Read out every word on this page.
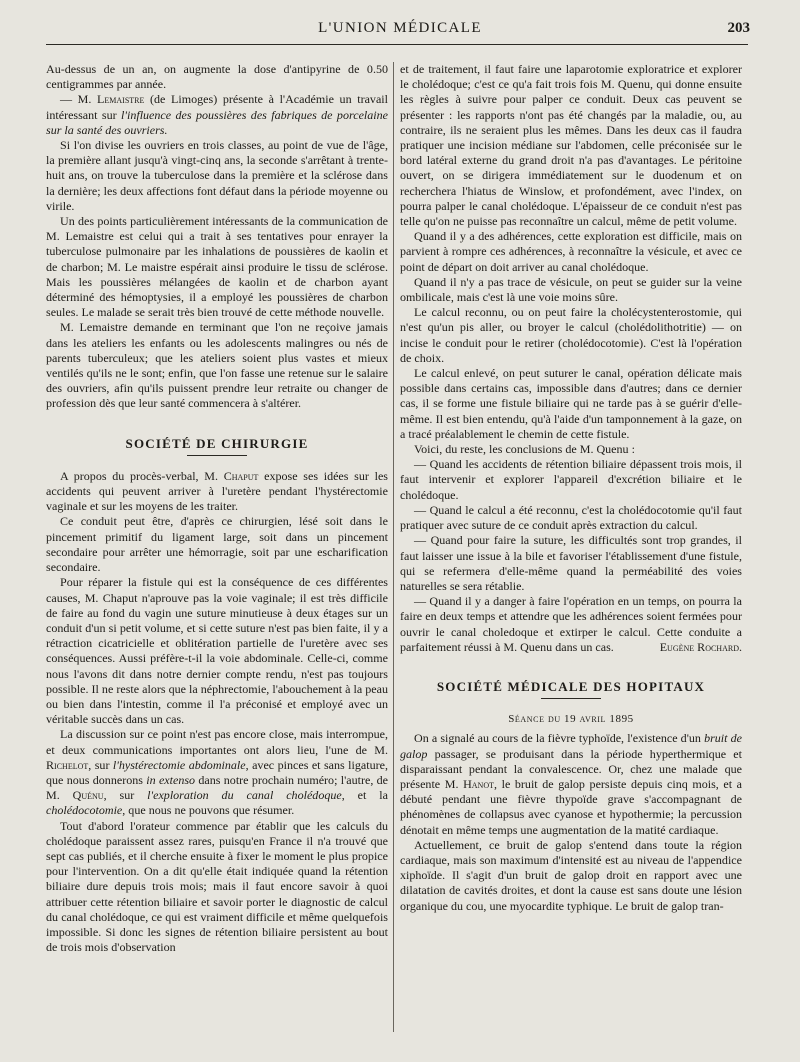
L'UNION MÉDICALE	203

Au-dessus de un an, on augmente la dose d'antipyrine de 0.50 centigrammes par année.

— M. Lemaistre (de Limoges) présente à l'Académie un travail intéressant sur l'influence des poussières des fabriques de porcelaine sur la santé des ouvriers.

Si l'on divise les ouvriers en trois classes, au point de vue de l'âge, la première allant jusqu'à vingt-cinq ans, la seconde s'arrêtant à trente-huit ans, on trouve la tuberculose dans la première et la sclérose dans la dernière; les deux affections font défaut dans la période moyenne ou virile.

Un des points particulièrement intéressants de la communication de M. Lemaistre est celui qui a trait à ses tentatives pour enrayer la tuberculose pulmonaire par les inhalations de poussières de kaolin et de charbon; M. Le maistre espérait ainsi produire le tissu de sclérose. Mais les poussières mélangées de kaolin et de charbon ayant déterminé des hémoptysies, il a employé les poussières de charbon seules. Le malade se serait très bien trouvé de cette méthode nouvelle.

M. Lemaistre demande en terminant que l'on ne reçoive jamais dans les ateliers les enfants ou les adolescents malingres ou nés de parents tuberculeux; que les ateliers soient plus vastes et mieux ventilés qu'ils ne le sont; enfin, que l'on fasse une retenue sur le salaire des ouvriers, afin qu'ils puissent prendre leur retraite ou changer de profession dès que leur santé commencera à s'altérer.

SOCIÉTÉ DE CHIRURGIE

A propos du procès-verbal, M. Chaput expose ses idées sur les accidents qui peuvent arriver à l'uretère pendant l'hystérectomie vaginale et sur les moyens de les traiter.

Ce conduit peut être, d'après ce chirurgien, lésé soit dans le pincement primitif du ligament large, soit dans un pincement secondaire pour arrêter une hémorragie, soit par une escharification secondaire.

Pour réparer la fistule qui est la conséquence de ces différentes causes, M. Chaput n'aprouve pas la voie vaginale; il est très difficile de faire au fond du vagin une suture minutieuse à deux étages sur un conduit d'un si petit volume, et si cette suture n'est pas bien faite, il y a rétraction cicatricielle et oblitération partielle de l'uretère avec ses conséquences. Aussi préfère-t-il la voie abdominale. Celle-ci, comme nous l'avons dit dans notre dernier compte rendu, n'est pas toujours possible. Il ne reste alors que la néphrectomie, l'abouchement à la peau ou bien dans l'intestin, comme il l'a préconisé et employé avec un véritable succès dans un cas.

La discussion sur ce point n'est pas encore close, mais interrompue, et deux communications importantes ont alors lieu, l'une de M. Richelot, sur l'hystérectomie abdominale, avec pinces et sans ligature, que nous donnerons in extenso dans notre prochain numéro; l'autre, de M. Quénu, sur l'exploration du canal cholédoque, et la cholédocotomie, que nous ne pouvons que résumer.

Tout d'abord l'orateur commence par établir que les calculs du cholédoque paraissent assez rares, puisqu'en France il n'a trouvé que sept cas publiés, et il cherche ensuite à fixer le moment le plus propice pour l'intervention. On a dit qu'elle était indiquée quand la rétention biliaire dure depuis trois mois; mais il faut encore savoir à quoi attribuer cette rétention biliaire et savoir porter le diagnostic de calcul du canal cholédoque, ce qui est vraiment difficile et même quelquefois impossible. Si donc les signes de rétention biliaire persistent au bout de trois mois d'observation

et de traitement, il faut faire une laparotomie exploratrice et explorer le cholédoque; c'est ce qu'a fait trois fois M. Quenu, qui donne ensuite les règles à suivre pour palper ce conduit. Deux cas peuvent se présenter : les rapports n'ont pas été changés par la maladie, ou, au contraire, ils ne seraient plus les mêmes. Dans les deux cas il faudra pratiquer une incision médiane sur l'abdomen, celle préconisée sur le bord latéral externe du grand droit n'a pas d'avantages. Le péritoine ouvert, on se dirigera immédiatement sur le duodenum et on recherchera l'hiatus de Winslow, et profondément, avec l'index, on pourra palper le canal cholédoque. L'épaisseur de ce conduit n'est pas telle qu'on ne puisse pas reconnaître un calcul, même de petit volume.

Quand il y a des adhérences, cette exploration est difficile, mais on parvient à rompre ces adhérences, à reconnaître la vésicule, et avec ce point de départ on doit arriver au canal cholédoque.

Quand il n'y a pas trace de vésicule, on peut se guider sur la veine ombilicale, mais c'est là une voie moins sûre.

Le calcul reconnu, ou on peut faire la cholécystenterostomie, qui n'est qu'un pis aller, ou broyer le calcul (cholédolithotritie) — on incise le conduit pour le retirer (cholédocotomie). C'est là l'opération de choix.

Le calcul enlevé, on peut suturer le canal, opération délicate mais possible dans certains cas, impossible dans d'autres; dans ce dernier cas, il se forme une fistule biliaire qui ne tarde pas à se guérir d'elle-même. Il est bien entendu, qu'à l'aide d'un tamponnement à la gaze, on a tracé préalablement le chemin de cette fistule.

Voici, du reste, les conclusions de M. Quenu :

— Quand les accidents de rétention biliaire dépassent trois mois, il faut intervenir et explorer l'appareil d'excrétion biliaire et le cholédoque.

— Quand le calcul a été reconnu, c'est la cholédocotomie qu'il faut pratiquer avec suture de ce conduit après extraction du calcul.

— Quand pour faire la suture, les difficultés sont trop grandes, il faut laisser une issue à la bile et favoriser l'établissement d'une fistule, qui se refermera d'elle-même quand la perméabilité des voies naturelles se sera rétablie.

— Quand il y a danger à faire l'opération en un temps, on pourra la faire en deux temps et attendre que les adhérences soient fermées pour ouvrir le canal choledoque et extirper le calcul. Cette conduite a parfaitement réussi à M. Quenu dans un cas.	Eugène Rochard.

SOCIÉTÉ MÉDICALE DES HOPITAUX
Séance du 19 avril 1895

On a signalé au cours de la fièvre typhoïde, l'existence d'un bruit de galop passager, se produisant dans la période hyperthermique et disparaissant pendant la convalescence. Or, chez une malade que présente M. Hanot, le bruit de galop persiste depuis cinq mois, et a débuté pendant une fièvre thypoïde grave s'accompagnant de phénomènes de collapsus avec cyanose et hypothermie; la percussion dénotait en même temps une augmentation de la matité cardiaque.

Actuellement, ce bruit de galop s'entend dans toute la région cardiaque, mais son maximum d'intensité est au niveau de l'appendice xiphoïde. Il s'agit d'un bruit de galop droit en rapport avec une dilatation de cavités droites, et dont la cause est sans doute une lésion organique du cou, une myocardite typhique. Le bruit de galop tran-
